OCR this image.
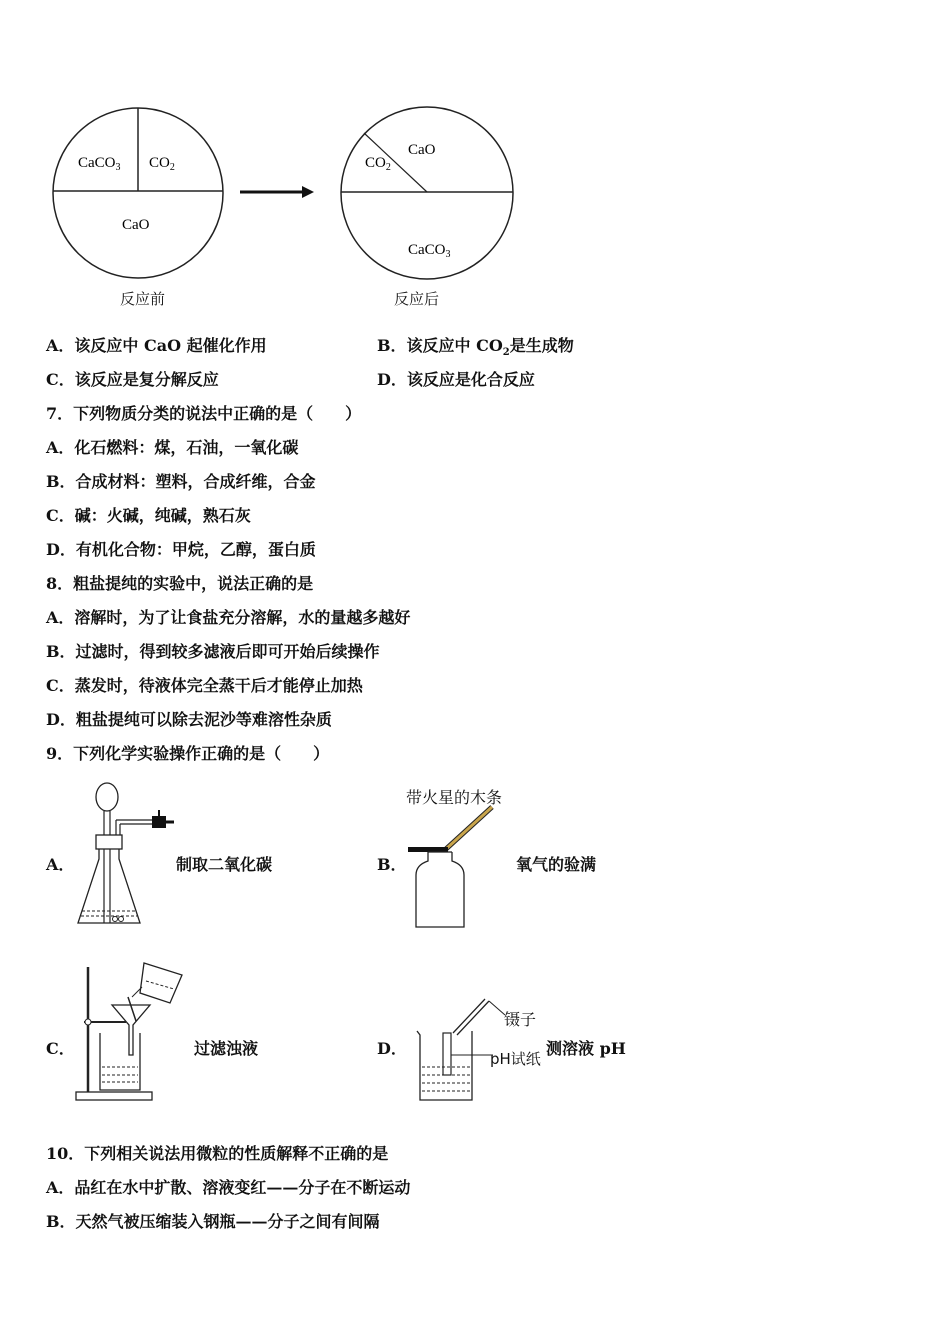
CaCO$_3$ $CO_2$
CaO
反应前
$CO_2$
CaO
CaCO$_3$
反应后
A．该反应中 CaO 起催化作用	B．该反应中 $CO_2$是生成物
C．该反应是复分解反应	D．该反应是化合反应
7．下列物质分类的说法中正确的是（　　）
A．化石燃料：煤，石油，一氧化碳
B．合成材料：塑料，合成纤维，合金
C．碱：火碱，纯碱，熟石灰
D．有机化合物：甲烷，乙醇，蛋白质
8．粗盐提纯的实验中，说法正确的是
A．溶解时，为了让食盐充分溶解，水的量越多越好
B．过滤时，得到较多滤液后即可开始后续操作
C．蒸发时，待液体完全蒸干后才能停止加热
D．粗盐提纯可以除去泥沙等难溶性杂质
9．下列化学实验操作正确的是（　　）
A．	制取二氧化碳	B．
带火星的木条
氧气的验满
C．	过滤浊液	D．
镊子
pH试纸
测溶液 pH
10．下列相关说法用微粒的性质解释不正确的是
A．品红在水中扩散、溶液变红——分子在不断运动
B．天然气被压缩装入钢瓶——分子之间有间隔
